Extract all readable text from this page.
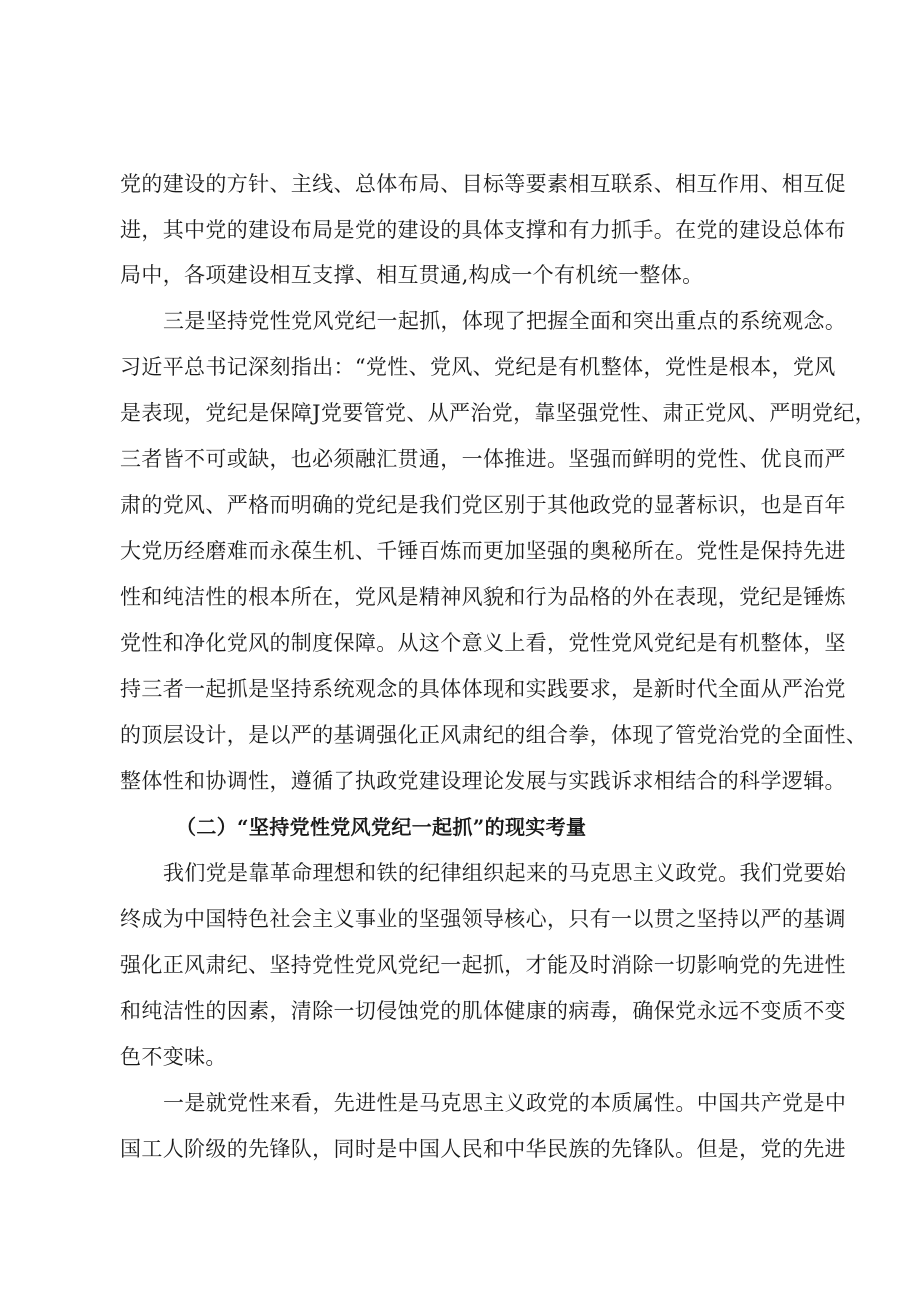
党的建设的方针、主线、总体布局、目标等要素相互联系、相互作用、相互促
进，其中党的建设布局是党的建设的具体支撑和有力抓手。在党的建设总体布
局中，各项建设相互支撑、相互贯通,构成一个有机统一整体。
三是坚持党性党风党纪一起抓，体现了把握全面和突出重点的系统观念。
习近平总书记深刻指出：“党性、党风、党纪是有机整体，党性是根本，党风
是表现，党纪是保障J党要管党、从严治党，靠坚强党性、肃正党风、严明党纪，
三者皆不可或缺，也必须融汇贯通，一体推进。坚强而鲜明的党性、优良而严
肃的党风、严格而明确的党纪是我们党区别于其他政党的显著标识，也是百年
大党历经磨难而永葆生机、千锤百炼而更加坚强的奥秘所在。党性是保持先进
性和纯洁性的根本所在，党风是精神风貌和行为品格的外在表现，党纪是锤炼
党性和净化党风的制度保障。从这个意义上看，党性党风党纪是有机整体，坚
持三者一起抓是坚持系统观念的具体体现和实践要求，是新时代全面从严治党
的顶层设计，是以严的基调强化正风肃纪的组合拳，体现了管党治党的全面性、
整体性和协调性，遵循了执政党建设理论发展与实践诉求相结合的科学逻辑。
（二）“坚持党性党风党纪一起抓”的现实考量
我们党是靠革命理想和铁的纪律组织起来的马克思主义政党。我们党要始
终成为中国特色社会主义事业的坚强领导核心，只有一以贯之坚持以严的基调
强化正风肃纪、坚持党性党风党纪一起抓，才能及时消除一切影响党的先进性
和纯洁性的因素，清除一切侵蚀党的肌体健康的病毒，确保党永远不变质不变
色不变味。
一是就党性来看，先进性是马克思主义政党的本质属性。中国共产党是中
国工人阶级的先锋队，同时是中国人民和中华民族的先锋队。但是，党的先进
